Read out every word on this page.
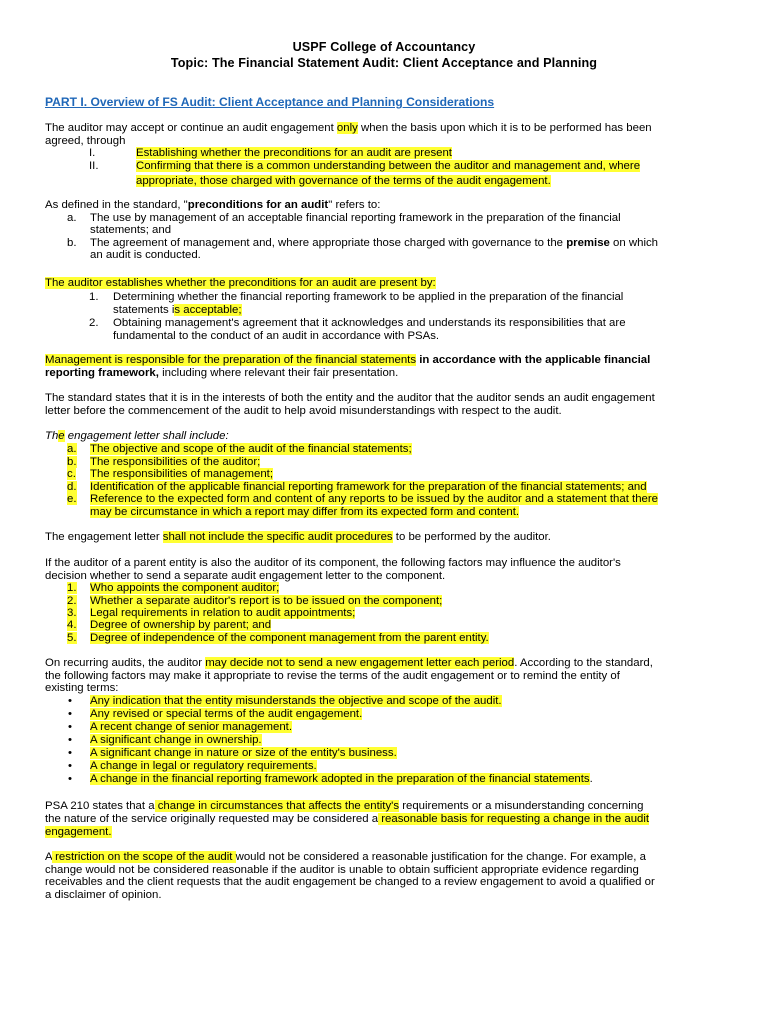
USPF College of Accountancy
Topic: The Financial Statement Audit: Client Acceptance and Planning
PART I. Overview of FS Audit: Client Acceptance and Planning Considerations
The auditor may accept or continue an audit engagement only when the basis upon which it is to be performed has been
agreed, through
I.	Establishing whether the preconditions for an audit are present
II.	Confirming that there is a common understanding between the auditor and management and, where
appropriate, those charged with governance of the terms of the audit engagement.
As defined in the standard, "preconditions for an audit" refers to:
a. The use by management of an acceptable financial reporting framework in the preparation of the financial
statements; and
b. The agreement of management and, where appropriate those charged with governance to the premise on which
an audit is conducted.
The auditor establishes whether the preconditions for an audit are present by:
1. Determining whether the financial reporting framework to be applied in the preparation of the financial
statements is acceptable;
2. Obtaining management's agreement that it acknowledges and understands its responsibilities that are
fundamental to the conduct of an audit in accordance with PSAs.
Management is responsible for the preparation of the financial statements in accordance with the applicable financial
reporting framework, including where relevant their fair presentation.
The standard states that it is in the interests of both the entity and the auditor that the auditor sends an audit engagement
letter before the commencement of the audit to help avoid misunderstandings with respect to the audit.
The engagement letter shall include:
a. The objective and scope of the audit of the financial statements;
b. The responsibilities of the auditor;
c. The responsibilities of management;
d. Identification of the applicable financial reporting framework for the preparation of the financial statements; and
e. Reference to the expected form and content of any reports to be issued by the auditor and a statement that there
may be circumstance in which a report may differ from its expected form and content.
The engagement letter shall not include the specific audit procedures to be performed by the auditor.
If the auditor of a parent entity is also the auditor of its component, the following factors may influence the auditor's
decision whether to send a separate audit engagement letter to the component.
1. Who appoints the component auditor;
2. Whether a separate auditor's report is to be issued on the component;
3. Legal requirements in relation to audit appointments;
4. Degree of ownership by parent; and
5. Degree of independence of the component management from the parent entity.
On recurring audits, the auditor may decide not to send a new engagement letter each period. According to the standard,
the following factors may make it appropriate to revise the terms of the audit engagement or to remind the entity of
existing terms:
• Any indication that the entity misunderstands the objective and scope of the audit.
• Any revised or special terms of the audit engagement.
• A recent change of senior management.
• A significant change in ownership.
• A significant change in nature or size of the entity's business.
• A change in legal or regulatory requirements.
• A change in the financial reporting framework adopted in the preparation of the financial statements.
PSA 210 states that a change in circumstances that affects the entity's requirements or a misunderstanding concerning
the nature of the service originally requested may be considered a reasonable basis for requesting a change in the audit
engagement.
A restriction on the scope of the audit would not be considered a reasonable justification for the change. For example, a
change would not be considered reasonable if the auditor is unable to obtain sufficient appropriate evidence regarding
receivables and the client requests that the audit engagement be changed to a review engagement to avoid a qualified or
a disclaimer of opinion.
